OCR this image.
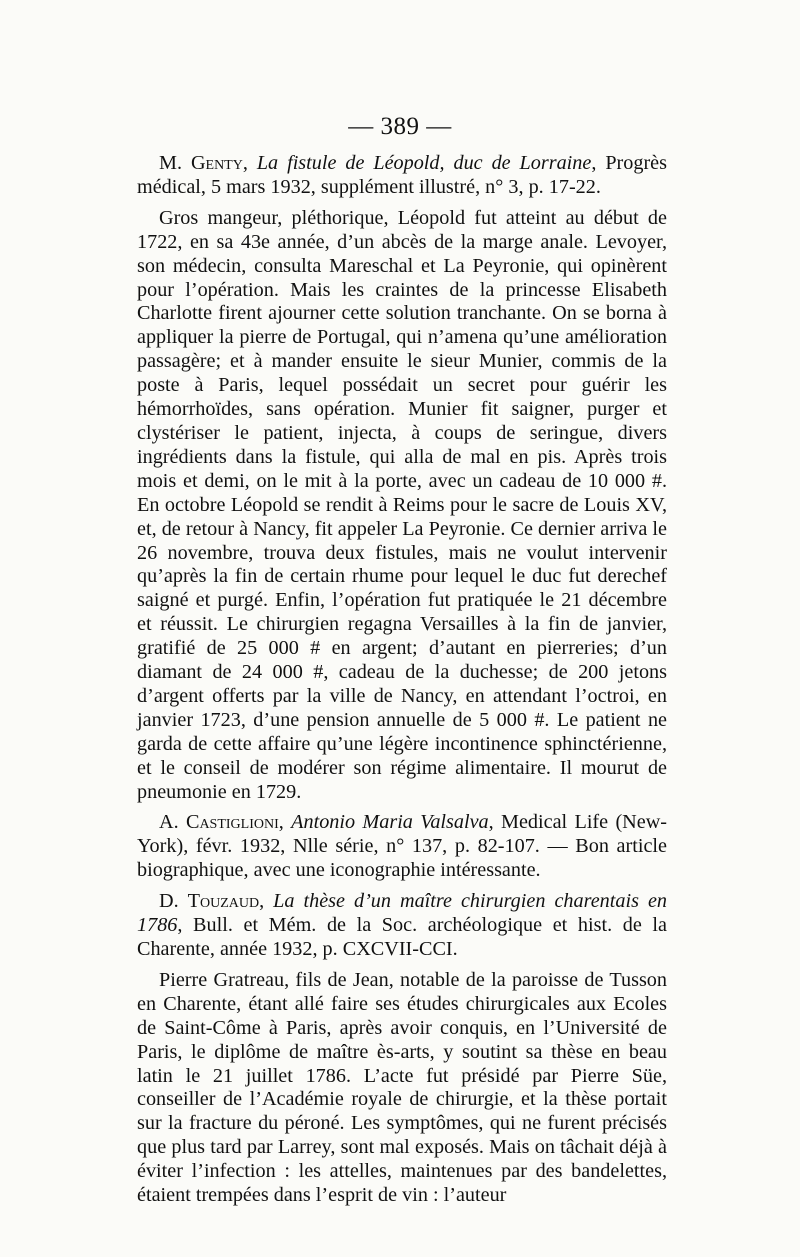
— 389 —

M. Genty, La fistule de Léopold, duc de Lorraine, Progrès médical, 5 mars 1932, supplément illustré, n° 3, p. 17-22.

Gros mangeur, pléthorique, Léopold fut atteint au début de 1722, en sa 43e année, d’un abcès de la marge anale. Levoyer, son médecin, consulta Mareschal et La Peyronie, qui opinèrent pour l’opération. Mais les craintes de la princesse Elisabeth Charlotte firent ajourner cette solution tranchante. On se borna à appliquer la pierre de Portugal, qui n’amena qu’une amélioration passagère; et à mander ensuite le sieur Munier, commis de la poste à Paris, lequel possédait un secret pour guérir les hémorrhoïdes, sans opération. Munier fit saigner, purger et clystériser le patient, injecta, à coups de seringue, divers ingrédients dans la fistule, qui alla de mal en pis. Après trois mois et demi, on le mit à la porte, avec un cadeau de 10 000 #. En octobre Léopold se rendit à Reims pour le sacre de Louis XV, et, de retour à Nancy, fit appeler La Peyronie. Ce dernier arriva le 26 novembre, trouva deux fistules, mais ne voulut intervenir qu’après la fin de certain rhume pour lequel le duc fut derechef saigné et purgé. Enfin, l’opération fut pratiquée le 21 décembre et réussit. Le chirurgien regagna Versailles à la fin de janvier, gratifié de 25 000 # en argent; d’autant en pierreries; d’un diamant de 24 000 #, cadeau de la duchesse; de 200 jetons d’argent offerts par la ville de Nancy, en attendant l’octroi, en janvier 1723, d’une pension annuelle de 5 000 #. Le patient ne garda de cette affaire qu’une légère incontinence sphinctérienne, et le conseil de modérer son régime alimentaire. Il mourut de pneumonie en 1729.

A. Castiglioni, Antonio Maria Valsalva, Medical Life (New-York), févr. 1932, Nlle série, n° 137, p. 82-107. — Bon article biographique, avec une iconographie intéressante.

D. Touzaud, La thèse d’un maître chirurgien charentais en 1786, Bull. et Mém. de la Soc. archéologique et hist. de la Charente, année 1932, p. CXCVII-CCI.

Pierre Gratreau, fils de Jean, notable de la paroisse de Tusson en Charente, étant allé faire ses études chirurgicales aux Ecoles de Saint-Côme à Paris, après avoir conquis, en l’Université de Paris, le diplôme de maître ès-arts, y soutint sa thèse en beau latin le 21 juillet 1786. L’acte fut présidé par Pierre Süe, conseiller de l’Académie royale de chirurgie, et la thèse portait sur la fracture du péroné. Les symptômes, qui ne furent précisés que plus tard par Larrey, sont mal exposés. Mais on tâchait déjà à éviter l’infection : les attelles, maintenues par des bandelettes, étaient trempées dans l’esprit de vin : l’auteur
